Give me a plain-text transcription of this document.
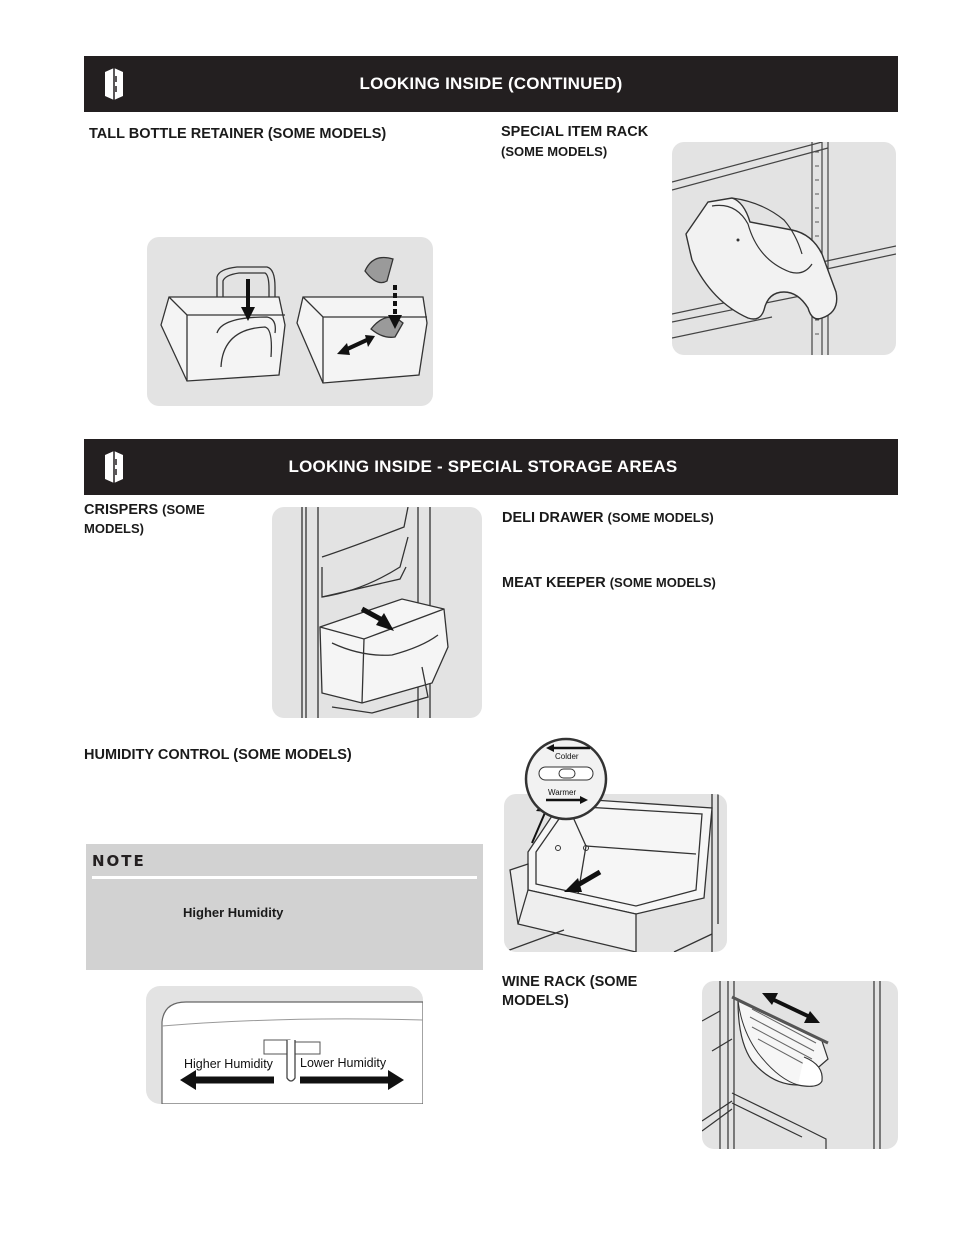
LOOKING INSIDE (CONTINUED)
TALL BOTTLE RETAINER (SOME MODELS)	SPECIAL ITEM RACK
(SOME MODELS)
LOOKING INSIDE - SPECIAL STORAGE AREAS
CRISPERS (SOME
MODELS)
DELI DRAWER (SOME MODELS)
MEAT KEEPER (SOME MODELS)
HUMIDITY CONTROL (SOME MODELS)
NOTE
Higher Humidity
Higher Humidity Lower Humidity
Colder
Warmer
WINE RACK (SOME
MODELS)
